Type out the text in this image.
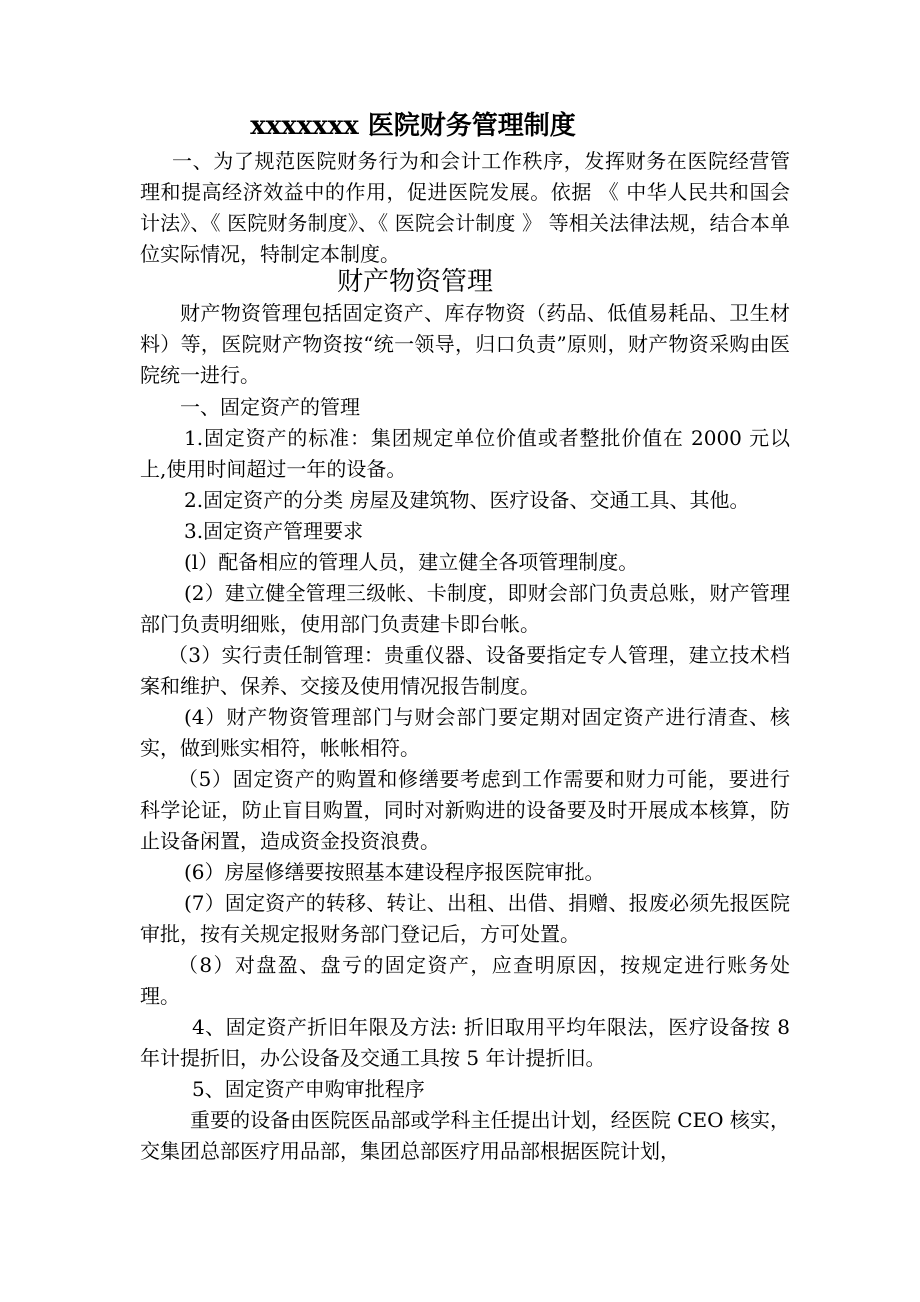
xxxxxxx 医院财务管理制度

一、为了规范医院财务行为和会计工作秩序，发挥财务在医院经营管理和提高经济效益中的作用，促进医院发展。依据 《 中华人民共和国会计法》、《 医院财务制度》、《 医院会计制度 》 等相关法律法规，结合本单位实际情况，特制定本制度。

财产物资管理

财产物资管理包括固定资产、库存物资（药品、低值易耗品、卫生材料）等，医院财产物资按“统一领导，归口负责”原则，财产物资采购由医院统一进行。

一、固定资产的管理

1.固定资产的标准：集团规定单位价值或者整批价值在 2000 元以上,使用时间超过一年的设备。

2.固定资产的分类 房屋及建筑物、医疗设备、交通工具、其他。

3.固定资产管理要求

(l）配备相应的管理人员，建立健全各项管理制度。

(2）建立健全管理三级帐、卡制度，即财会部门负责总账，财产管理部门负责明细账，使用部门负责建卡即台帐。

（3）实行责任制管理：贵重仪器、设备要指定专人管理，建立技术档案和维护、保养、交接及使用情况报告制度。

(4）财产物资管理部门与财会部门要定期对固定资产进行清查、核实，做到账实相符，帐帐相符。

（5）固定资产的购置和修缮要考虑到工作需要和财力可能，要进行科学论证，防止盲目购置，同时对新购进的设备要及时开展成本核算，防止设备闲置，造成资金投资浪费。

(6）房屋修缮要按照基本建设程序报医院审批。

(7）固定资产的转移、转让、出租、出借、捐赠、报废必须先报医院审批，按有关规定报财务部门登记后，方可处置。

（8）对盘盈、盘亏的固定资产，应查明原因，按规定进行账务处理。

4、固定资产折旧年限及方法: 折旧取用平均年限法，医疗设备按 8 年计提折旧，办公设备及交通工具按 5 年计提折旧。

5、固定资产申购审批程序

重要的设备由医院医品部或学科主任提出计划，经医院 CEO 核实，交集团总部医疗用品部，集团总部医疗用品部根据医院计划，
